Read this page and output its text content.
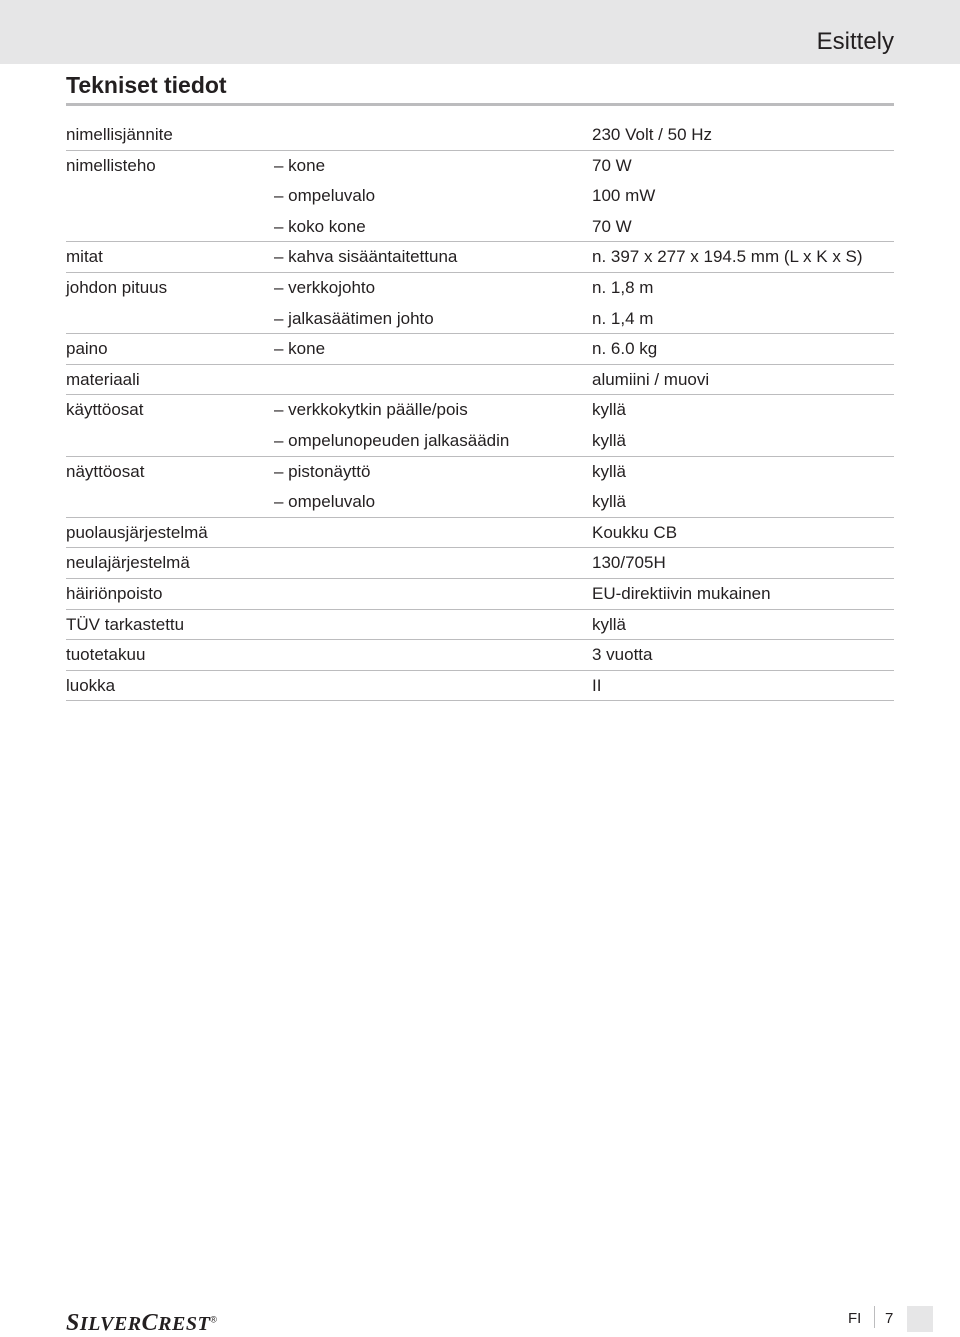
Esittely
Tekniset tiedot
nimellisjännite	230 Volt / 50 Hz
nimellisteho	– kone	70 W
– ompeluvalo	100 mW
– koko kone	70 W
mitat	– kahva sisääntaitettuna	n. 397 x 277 x 194.5 mm (L x K x S)
johdon pituus	– verkkojohto	n. 1,8 m
– jalkasäätimen johto	n. 1,4 m
paino	– kone	n. 6.0 kg
materiaali	alumiini / muovi
käyttöosat	– verkkokytkin päälle/pois	kyllä
– ompelunopeuden jalkasäädin	kyllä
näyttöosat	– pistonäyttö	kyllä
– ompeluvalo	kyllä
puolausjärjestelmä	Koukku CB
neulajärjestelmä	130/705H
häiriönpoisto	EU-direktiivin mukainen
TÜV tarkastettu	kyllä
tuotetakuu	3 vuotta
luokka	II
SILVERCREST®	FI 7
